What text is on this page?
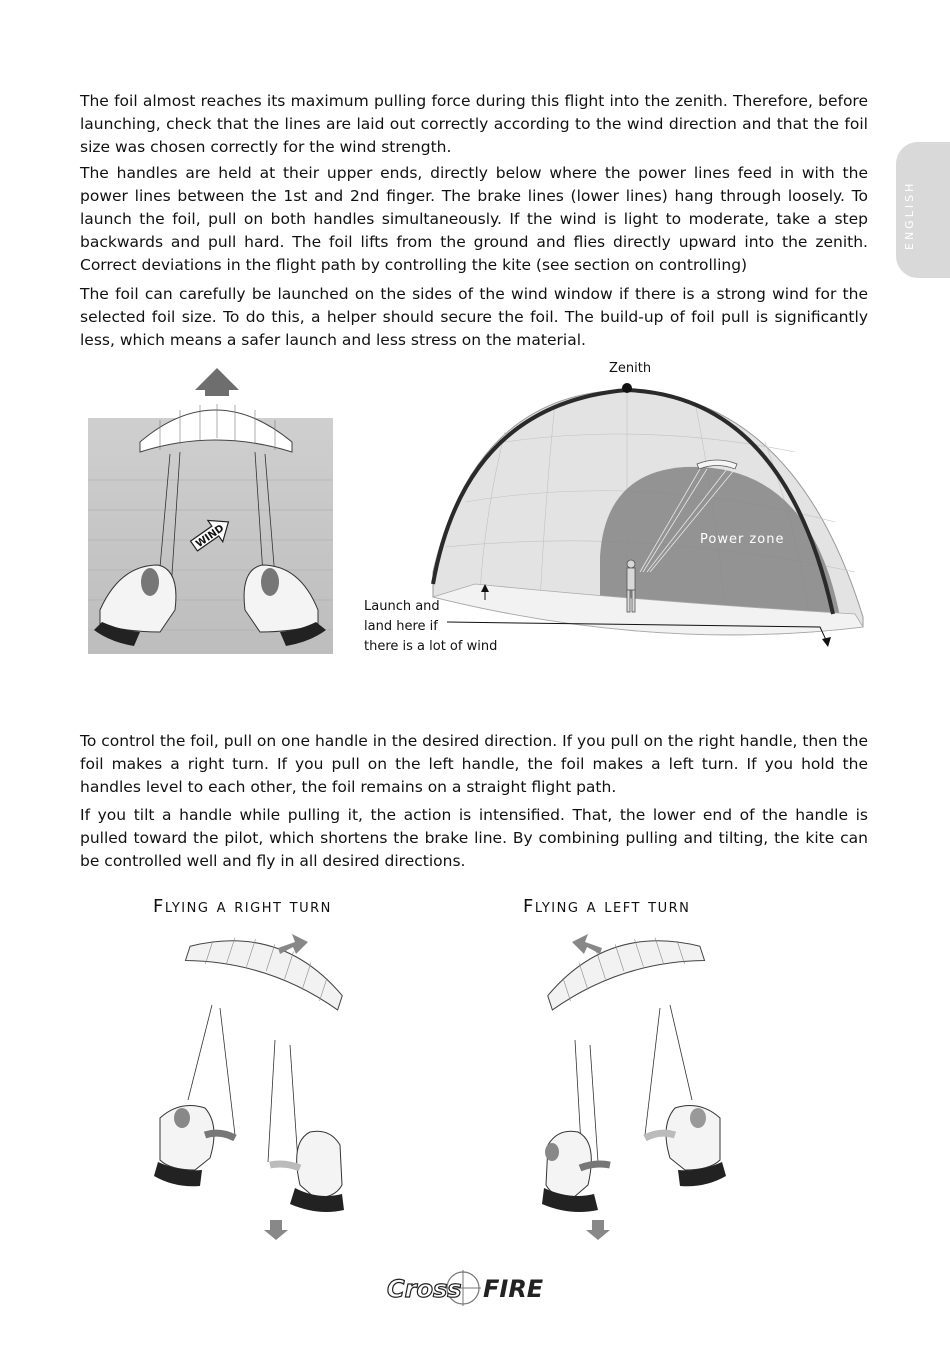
ENGLISH

The foil almost reaches its maximum pulling force during this flight into the zenith. Therefore, before launching, check that the lines are laid out correctly according to the wind direction and that the foil size was chosen correctly for the wind strength.

The handles are held at their upper ends, directly below where the power lines feed in with the power lines between the 1st and 2nd finger. The brake lines (lower lines) hang through loosely. To launch the foil, pull on both handles simultaneously. If the wind is light to moderate, take a step backwards and pull hard. The foil lifts from the ground and flies directly upward into the zenith. Correct deviations in the flight path by controlling the kite (see section on controlling)

The foil can carefully be launched on the sides of the wind window if there is a strong wind for the selected foil size. To do this, a helper should secure the foil. The build-up of foil pull is significantly less, which means a safer launch and less stress on the material.

To control the foil, pull on one handle in the desired direction. If you pull on the right handle, then the foil makes a right turn. If you pull on the left handle, the foil makes a left turn. If you hold the handles level to each other, the foil remains on a straight flight path.

If you tilt a handle while pulling it, the action is intensified. That, the lower end of the handle is pulled toward the pilot, which shortens the brake line. By combining pulling and tilting, the kite can be controlled well and fly in all desired directions.

WIND
Zenith
Power zone
Launch and
land here if
there is a lot of wind
Flying a right turn	Flying a left turn
Cross FIRE
